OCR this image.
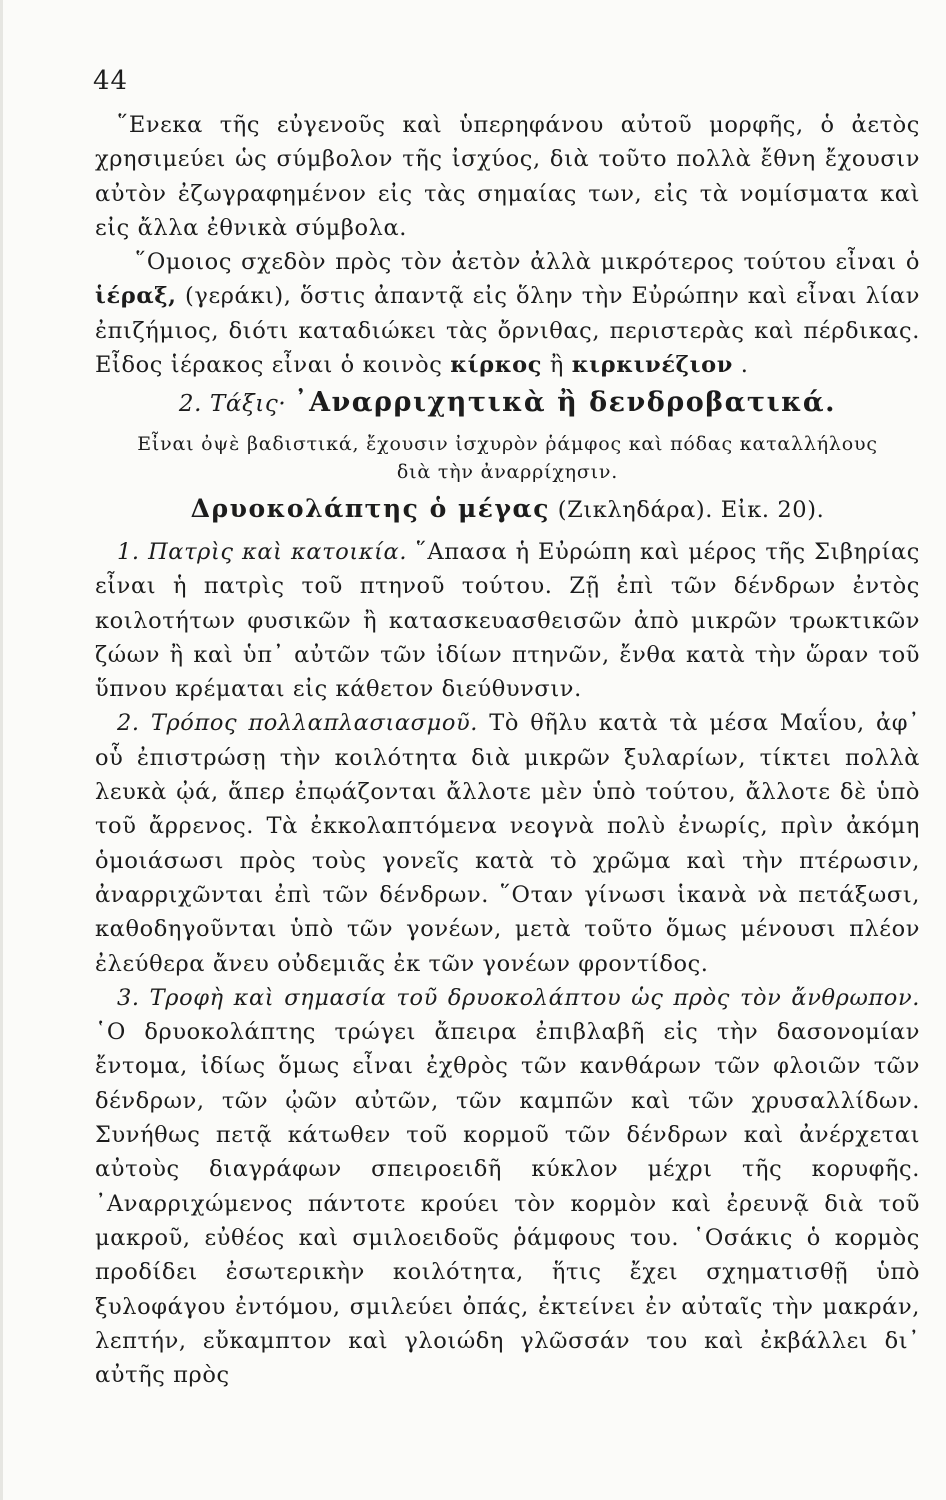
44

῞Ενεκα τῆς εὐγενοῦς καὶ ὑπερηφάνου αὐτοῦ μορφῆς, ὁ ἀετὸς χρησιμεύει ὡς σύμβολον τῆς ἰσχύος, διὰ τοῦτο πολλὰ ἔθνη ἔχουσιν αὐτὸν ἐζωγραφημένον εἰς τὰς σημαίας των, εἰς τὰ νομίσματα καὶ εἰς ἄλλα ἐθνικὰ σύμβολα.

῞Ομοιος σχεδὸν πρὸς τὸν ἀετὸν ἀλλὰ μικρότερος τούτου εἶναι ὁ ἱέραξ, (γεράκι), ὅστις ἀπαντᾷ εἰς ὅλην τὴν Εὐρώπην καὶ εἶναι λίαν ἐπιζήμιος, διότι καταδιώκει τὰς ὄρνιθας, περιστερὰς καὶ πέρδικας. Εἶδος ἱέρακος εἶναι ὁ κοινὸς κίρκος ἢ κιρκινέζιον .

2. Τάξις· ᾿Αναρριχητικὰ ἢ δενδροβατικά.
Εἶναι ὀψὲ βαδιστικά, ἔχουσιν ἰσχυρὸν ῥάμφος καὶ πόδας καταλλήλους διὰ τὴν ἀναρρίχησιν.
Δρυοκολάπτης ὁ μέγας (Ζικληδάρα). Εἰκ. 20).

1. Πατρὶς καὶ κατοικία. ῞Απασα ἡ Εὐρώπη καὶ μέρος τῆς Σιβηρίας εἶναι ἡ πατρὶς τοῦ πτηνοῦ τούτου. Ζῇ ἐπὶ τῶν δένδρων ἐντὸς κοιλοτήτων φυσικῶν ἢ κατασκευασθεισῶν ἀπὸ μικρῶν τρωκτικῶν ζώων ἢ καὶ ὑπ᾿ αὐτῶν τῶν ἰδίων πτηνῶν, ἔνθα κατὰ τὴν ὥραν τοῦ ὕπνου κρέμαται εἰς κάθετον διεύθυνσιν.

2. Τρόπος πολλαπλασιασμοῦ. Τὸ θῆλυ κατὰ τὰ μέσα Μαΐου, ἀφ᾿ οὗ ἐπιστρώσῃ τὴν κοιλότητα διὰ μικρῶν ξυλαρίων, τίκτει πολλὰ λευκὰ ᾠά, ἅπερ ἐπῳάζονται ἄλλοτε μὲν ὑπὸ τούτου, ἄλλοτε δὲ ὑπὸ τοῦ ἄρρενος. Τὰ ἐκκολαπτόμενα νεογνὰ πολὺ ἐνωρίς, πρὶν ἀκόμη ὁμοιάσωσι πρὸς τοὺς γονεῖς κατὰ τὸ χρῶμα καὶ τὴν πτέρωσιν, ἀναρριχῶνται ἐπὶ τῶν δένδρων. ῞Οταν γίνωσι ἱκανὰ νὰ πετάξωσι, καθοδηγοῦνται ὑπὸ τῶν γονέων, μετὰ τοῦτο ὅμως μένουσι πλέον ἐλεύθερα ἄνευ οὐδεμιᾶς ἐκ τῶν γονέων φροντίδος.

3. Τροφὴ καὶ σημασία τοῦ δρυοκολάπτου ὡς πρὸς τὸν ἄνθρωπον. ῾Ο δρυοκολάπτης τρώγει ἄπειρα ἐπιβλαβῆ εἰς τὴν δασονομίαν ἔντομα, ἰδίως ὅμως εἶναι ἐχθρὸς τῶν κανθάρων τῶν φλοιῶν τῶν δένδρων, τῶν ᾠῶν αὐτῶν, τῶν καμπῶν καὶ τῶν χρυσαλλίδων. Συνήθως πετᾷ κάτωθεν τοῦ κορμοῦ τῶν δένδρων καὶ ἀνέρχεται αὐτοὺς διαγράφων σπειροειδῆ κύκλον μέχρι τῆς κορυφῆς. ᾿Αναρριχώμενος πάντοτε κρούει τὸν κορμὸν καὶ ἐρευνᾷ διὰ τοῦ μακροῦ, εὐθέος καὶ σμιλοειδοῦς ῥάμφους του. ῾Οσάκις ὁ κορμὸς προδίδει ἐσωτερικὴν κοιλότητα, ἥτις ἔχει σχηματισθῇ ὑπὸ ξυλοφάγου ἐντόμου, σμιλεύει ὀπάς, ἐκτείνει ἐν αὐταῖς τὴν μακράν, λεπτήν, εὔκαμπτον καὶ γλοιώδη γλῶσσάν του καὶ ἐκβάλλει δι᾿ αὐτῆς πρὸς
